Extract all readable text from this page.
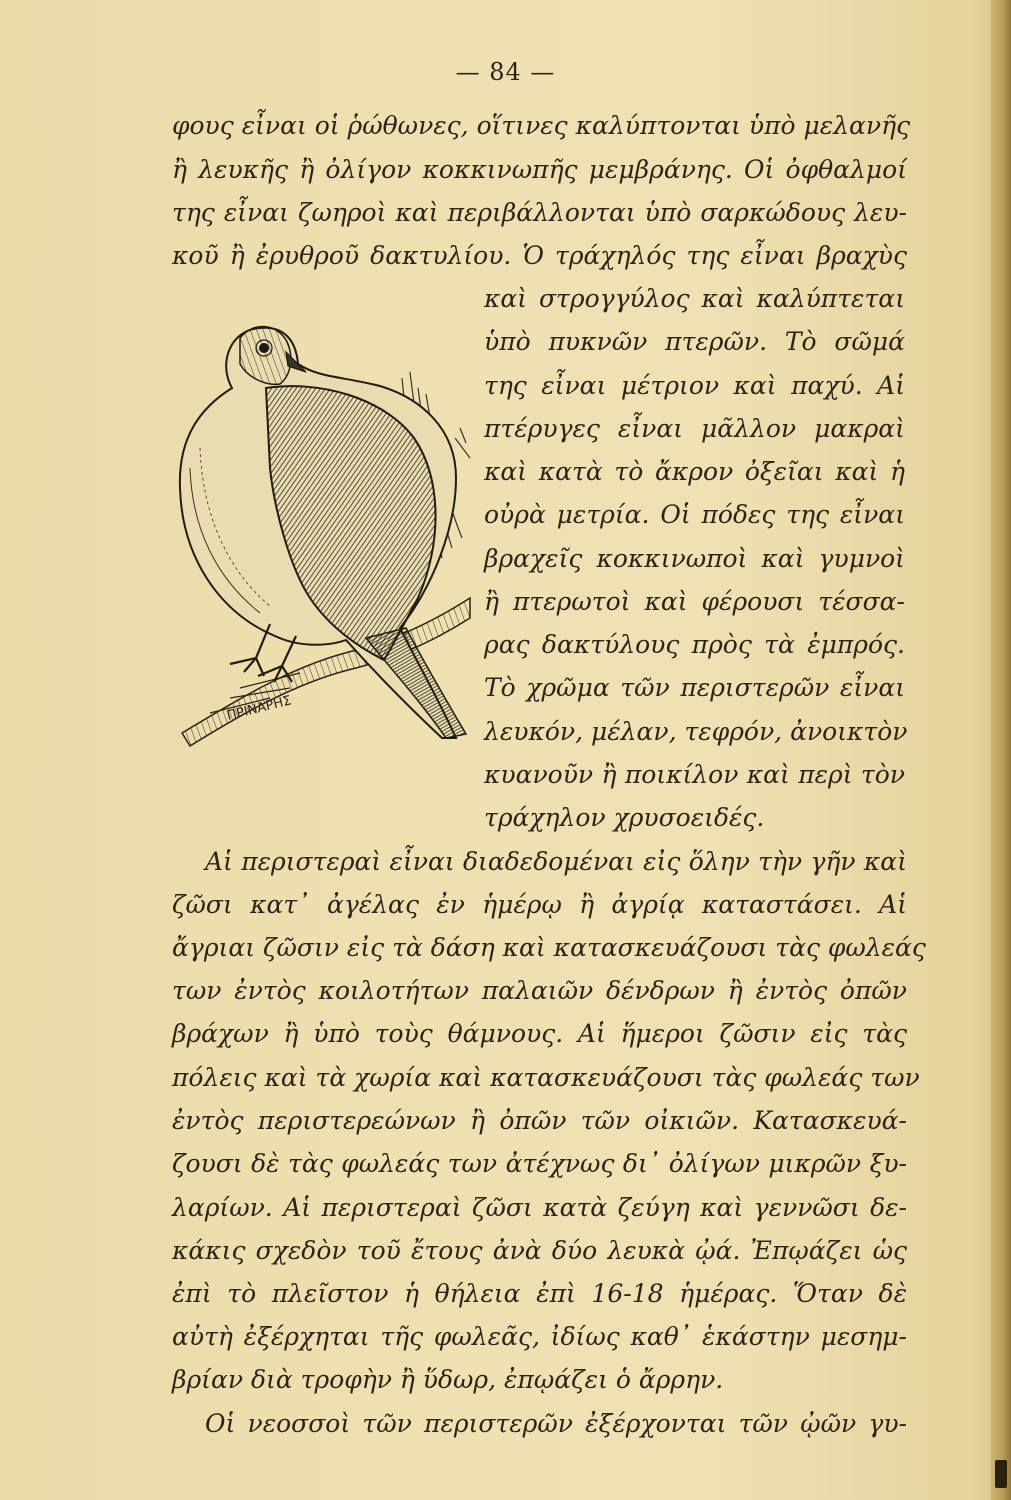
— 84 —
ΠΡΙΝΑΡΗΣ
φους εἶναι οἱ ῥώθωνες, οἵτινες καλύπτονται ὑπὸ μελανῆς
ἢ λευκῆς ἢ ὀλίγον κοκκινωπῆς μεμβράνης. Οἱ ὀφθαλμοί
της εἶναι ζωηροὶ καὶ περιβάλλονται ὑπὸ σαρκώδους λευ-
κοῦ ἢ ἐρυθροῦ δακτυλίου. Ὁ τράχηλός της εἶναι βραχὺς
καὶ στρογγύλος καὶ καλύπτεται
ὑπὸ πυκνῶν πτερῶν. Τὸ σῶμά
της εἶναι μέτριον καὶ παχύ. Αἱ
πτέρυγες εἶναι μᾶλλον μακραὶ
καὶ κατὰ τὸ ἄκρον ὀξεῖαι καὶ ἡ
οὐρὰ μετρία. Οἱ πόδες της εἶναι
βραχεῖς κοκκινωποὶ καὶ γυμνοὶ
ἢ πτερωτοὶ καὶ φέρουσι τέσσα-
ρας δακτύλους πρὸς τὰ ἐμπρός.
Τὸ χρῶμα τῶν περιστερῶν εἶναι
λευκόν, μέλαν, τεφρόν, ἀνοικτὸν
κυανοῦν ἢ ποικίλον καὶ περὶ τὸν
τράχηλον χρυσοειδές.
Αἱ περιστεραὶ εἶναι διαδεδομέναι εἰς ὅλην τὴν γῆν καὶ
ζῶσι κατ᾽ ἀγέλας ἐν ἡμέρῳ ἢ ἀγρίᾳ καταστάσει. Αἱ
ἄγριαι ζῶσιν εἰς τὰ δάση καὶ κατασκευάζουσι τὰς φωλεάς
των ἐντὸς κοιλοτήτων παλαιῶν δένδρων ἢ ἐντὸς ὀπῶν
βράχων ἢ ὑπὸ τοὺς θάμνους. Αἱ ἥμεροι ζῶσιν εἰς τὰς
πόλεις καὶ τὰ χωρία καὶ κατασκευάζουσι τὰς φωλεάς των
ἐντὸς περιστερεώνων ἢ ὀπῶν τῶν οἰκιῶν. Κατασκευά-
ζουσι δὲ τὰς φωλεάς των ἀτέχνως δι᾽ ὀλίγων μικρῶν ξυ-
λαρίων. Αἱ περιστεραὶ ζῶσι κατὰ ζεύγη καὶ γεννῶσι δε-
κάκις σχεδὸν τοῦ ἔτους ἀνὰ δύο λευκὰ ᾠά. Ἐπῳάζει ὡς
ἐπὶ τὸ πλεῖστον ἡ θήλεια ἐπὶ 16-18 ἡμέρας. Ὅταν δὲ
αὐτὴ ἐξέρχηται τῆς φωλεᾶς, ἰδίως καθ᾽ ἑκάστην μεσημ-
βρίαν διὰ τροφὴν ἢ ὕδωρ, ἐπῳάζει ὁ ἄρρην.
Οἱ νεοσσοὶ τῶν περιστερῶν ἐξέρχονται τῶν ᾠῶν γυ-
